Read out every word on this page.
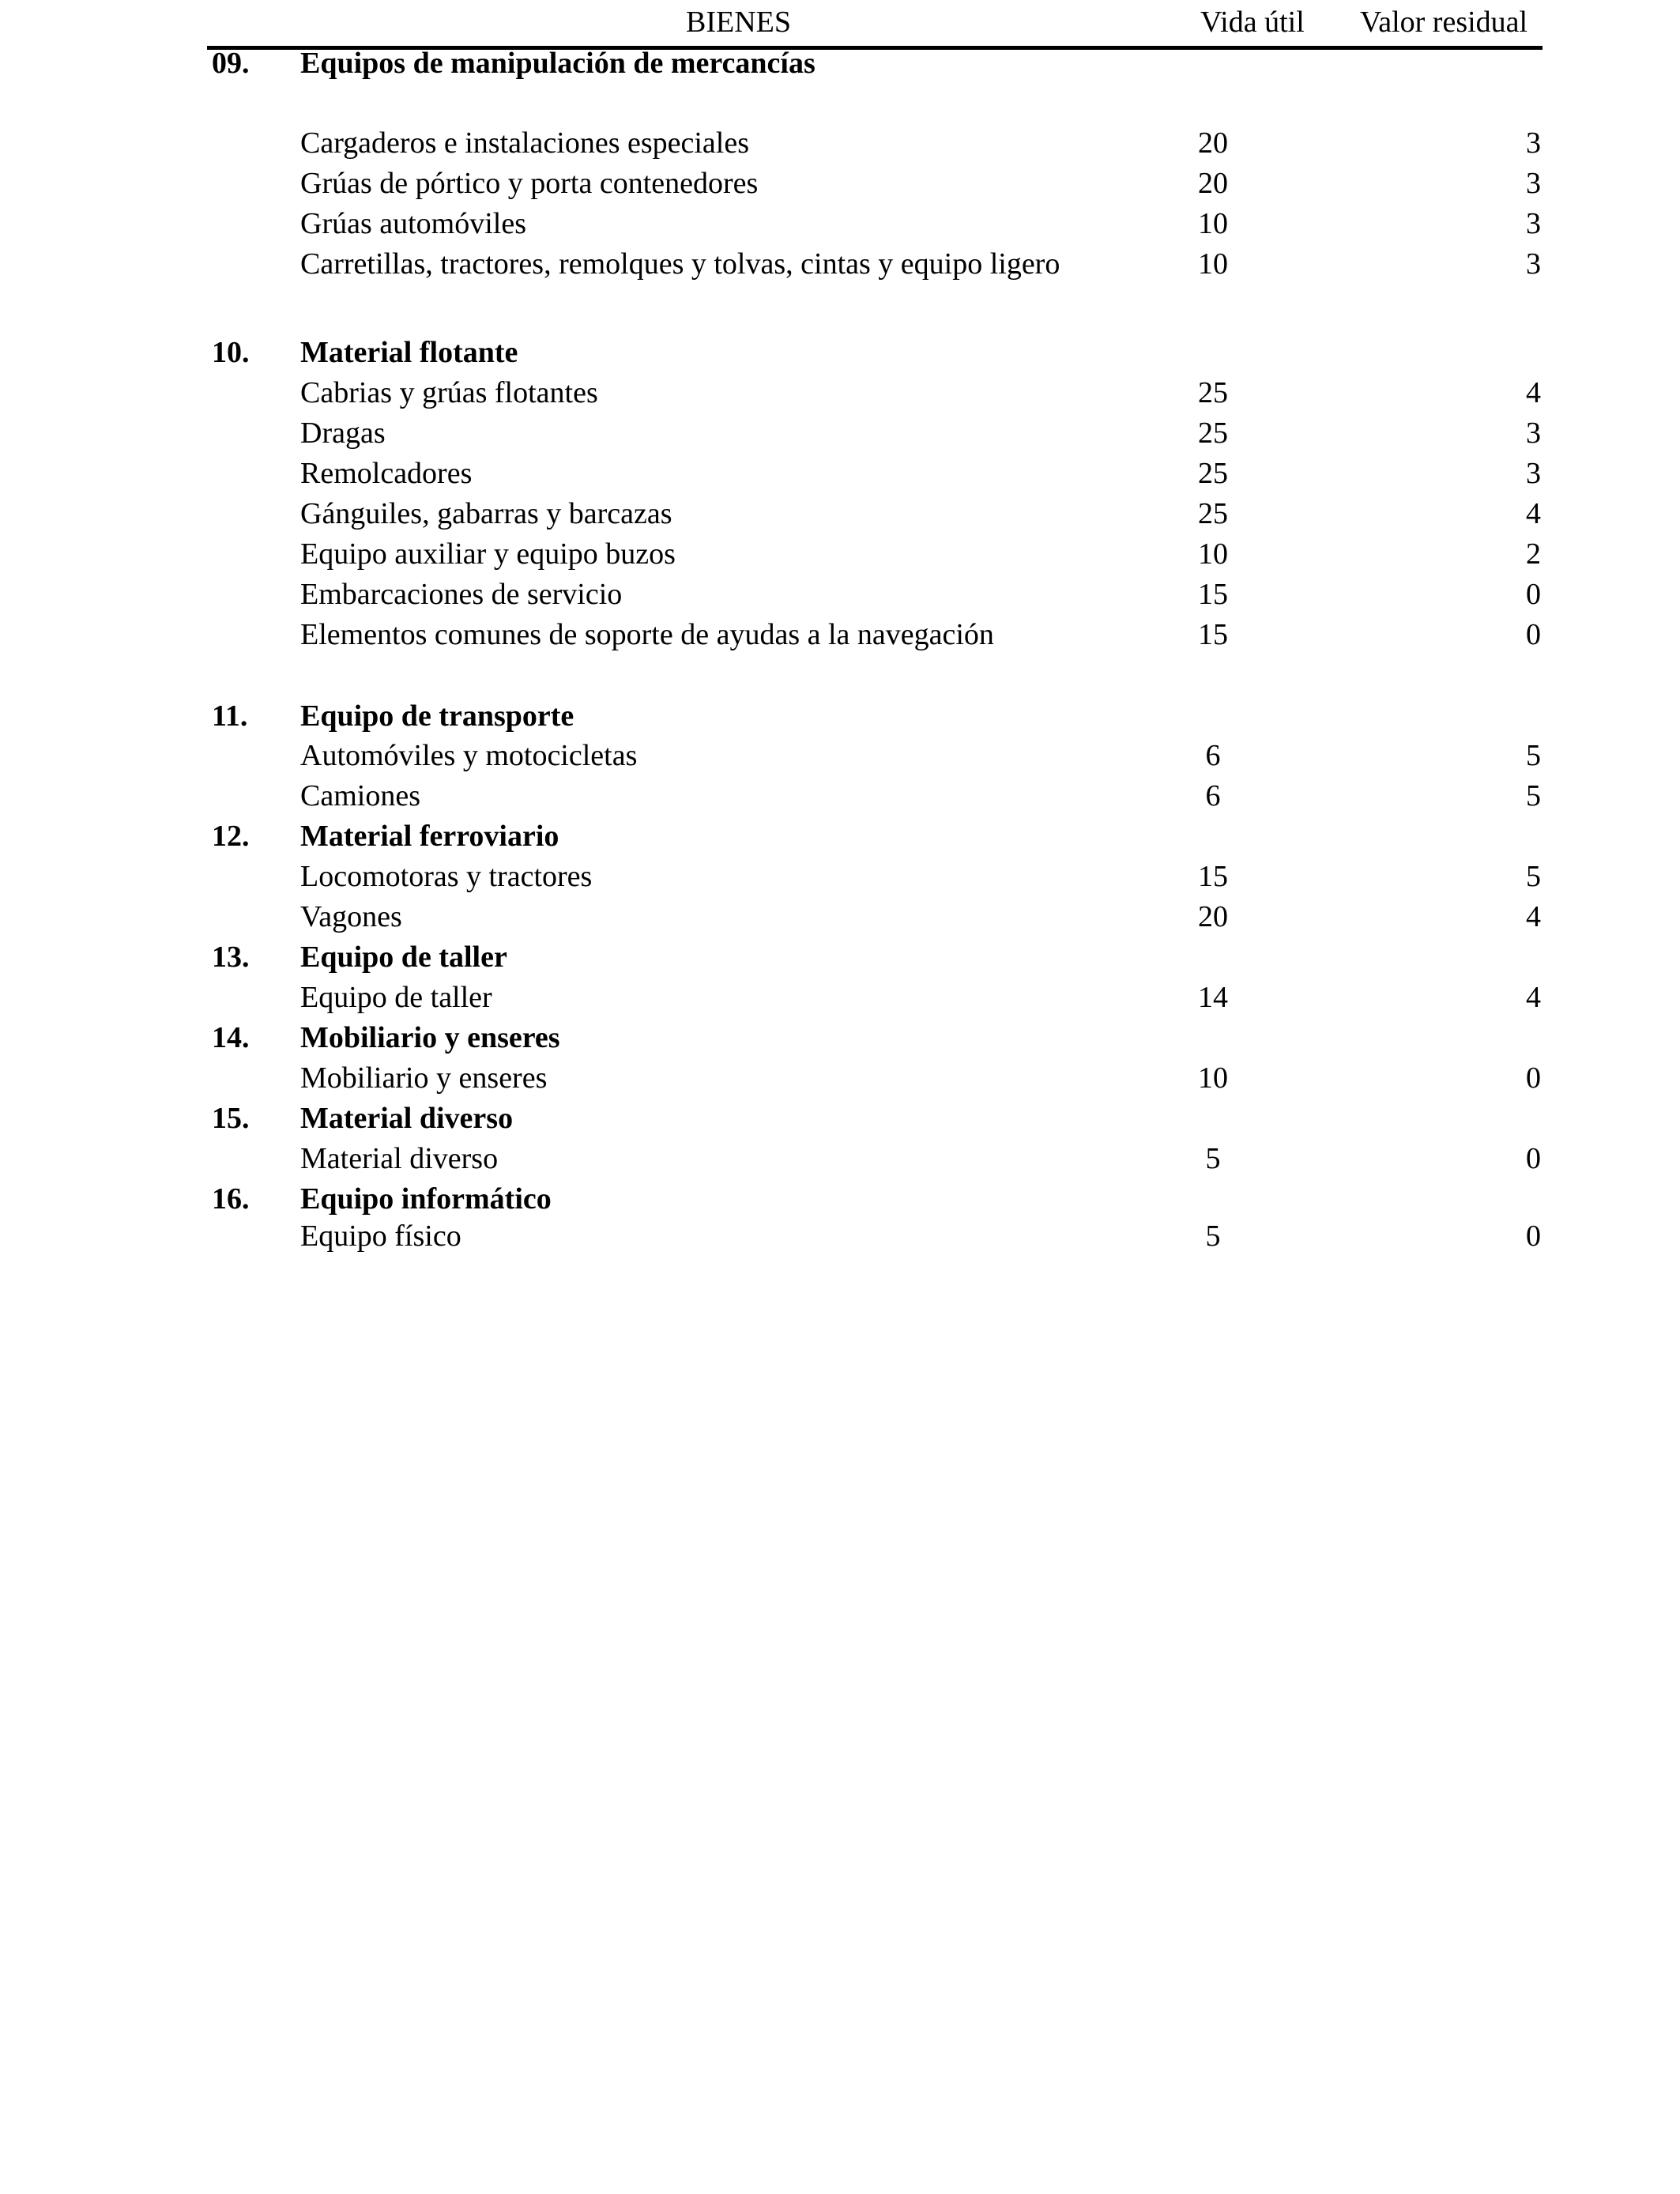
BIENES	Vida útil Valor residual
09. Equipos de manipulación de mercancías
Cargaderos e instalaciones especiales	20	3
Grúas de pórtico y porta contenedores	20	3
Grúas automóviles	10	3
Carretillas, tractores, remolques y tolvas, cintas y equipo ligero	10	3
10. Material flotante
Cabrias y grúas flotantes	25	4
Dragas	25	3
Remolcadores	25	3
Gánguiles, gabarras y barcazas	25	4
Equipo auxiliar y equipo buzos	10	2
Embarcaciones de servicio	15	0
Elementos comunes de soporte de ayudas a la navegación	15	0
11. Equipo de transporte
Automóviles y motocicletas	6	5
Camiones	6	5
12. Material ferroviario
Locomotoras y tractores	15	5
Vagones	20	4
13. Equipo de taller
Equipo de taller	14	4
14. Mobiliario y enseres
Mobiliario y enseres	10	0
15. Material diverso
Material diverso	5	0
16. Equipo informático
Equipo físico	5	0
